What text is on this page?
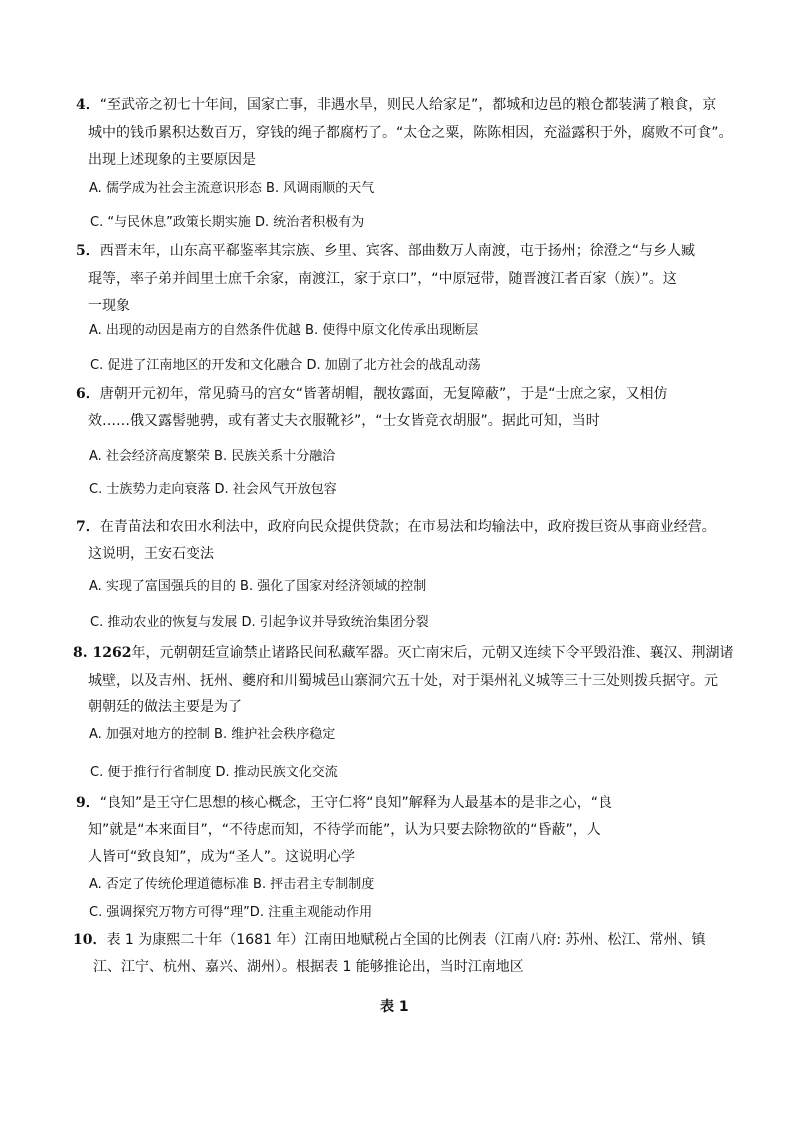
4．“至武帝之初七十年间，国家亡事，非遇水旱，则民人给家足”，都城和边邑的粮仓都装满了粮食，京

城中的钱币累积达数百万，穿钱的绳子都腐朽了。“太仓之粟，陈陈相因，充溢露积于外，腐败不可食”。

出现上述现象的主要原因是

A. 儒学成为社会主流意识形态 B. 风调雨顺的天气

C. “与民休息”政策长期实施 D. 统治者积极有为

5．西晋末年，山东高平郗鉴率其宗族、乡里、宾客、部曲数万人南渡，屯于扬州；徐澄之“与乡人臧

琨等，率子弟并闾里士庶千余家，南渡江，家于京口”，“中原冠带，随晋渡江者百家（族）”。这

一现象

A. 出现的动因是南方的自然条件优越 B. 使得中原文化传承出现断层

C. 促进了江南地区的开发和文化融合 D. 加剧了北方社会的战乱动荡

6．唐朝开元初年，常见骑马的宫女“皆著胡帽，靓妆露面，无复障蔽”，于是“士庶之家，又相仿

效……俄又露髻驰骋，或有著丈夫衣服靴衫”，“士女皆竞衣胡服”。据此可知，当时

A. 社会经济高度繁荣 B. 民族关系十分融洽

C. 士族势力走向衰落 D. 社会风气开放包容

7．在青苗法和农田水利法中，政府向民众提供贷款；在市易法和均输法中，政府拨巨资从事商业经营。

这说明，王安石变法

A. 实现了富国强兵的目的 B. 强化了国家对经济领域的控制

C. 推动农业的恢复与发展 D. 引起争议并导致统治集团分裂

8. 1262年，元朝朝廷宣谕禁止诸路民间私藏军器。灭亡南宋后，元朝又连续下令平毁沿淮、襄汉、荆湖诸

城壁，以及吉州、抚州、夔府和川蜀城邑山寨洞穴五十处，对于渠州礼义城等三十三处则拨兵据守。元

朝朝廷的做法主要是为了

A. 加强对地方的控制 B. 维护社会秩序稳定

C. 便于推行行省制度 D. 推动民族文化交流

9．“良知”是王守仁思想的核心概念，王守仁将“良知”解释为人最基本的是非之心，“良

知”就是“本来面目”，“不待虑而知，不待学而能”，认为只要去除物欲的“昏蔽”，人

人皆可“致良知”，成为“圣人”。这说明心学

A. 否定了传统伦理道德标准 B. 抨击君主专制制度

C. 强调探究万物方可得“理”D. 注重主观能动作用

10．表 1 为康熙二十年（1681 年）江南田地赋税占全国的比例表（江南八府: 苏州、松江、常州、镇

江、江宁、杭州、嘉兴、湖州）。根据表 1 能够推论出，当时江南地区

表 1
